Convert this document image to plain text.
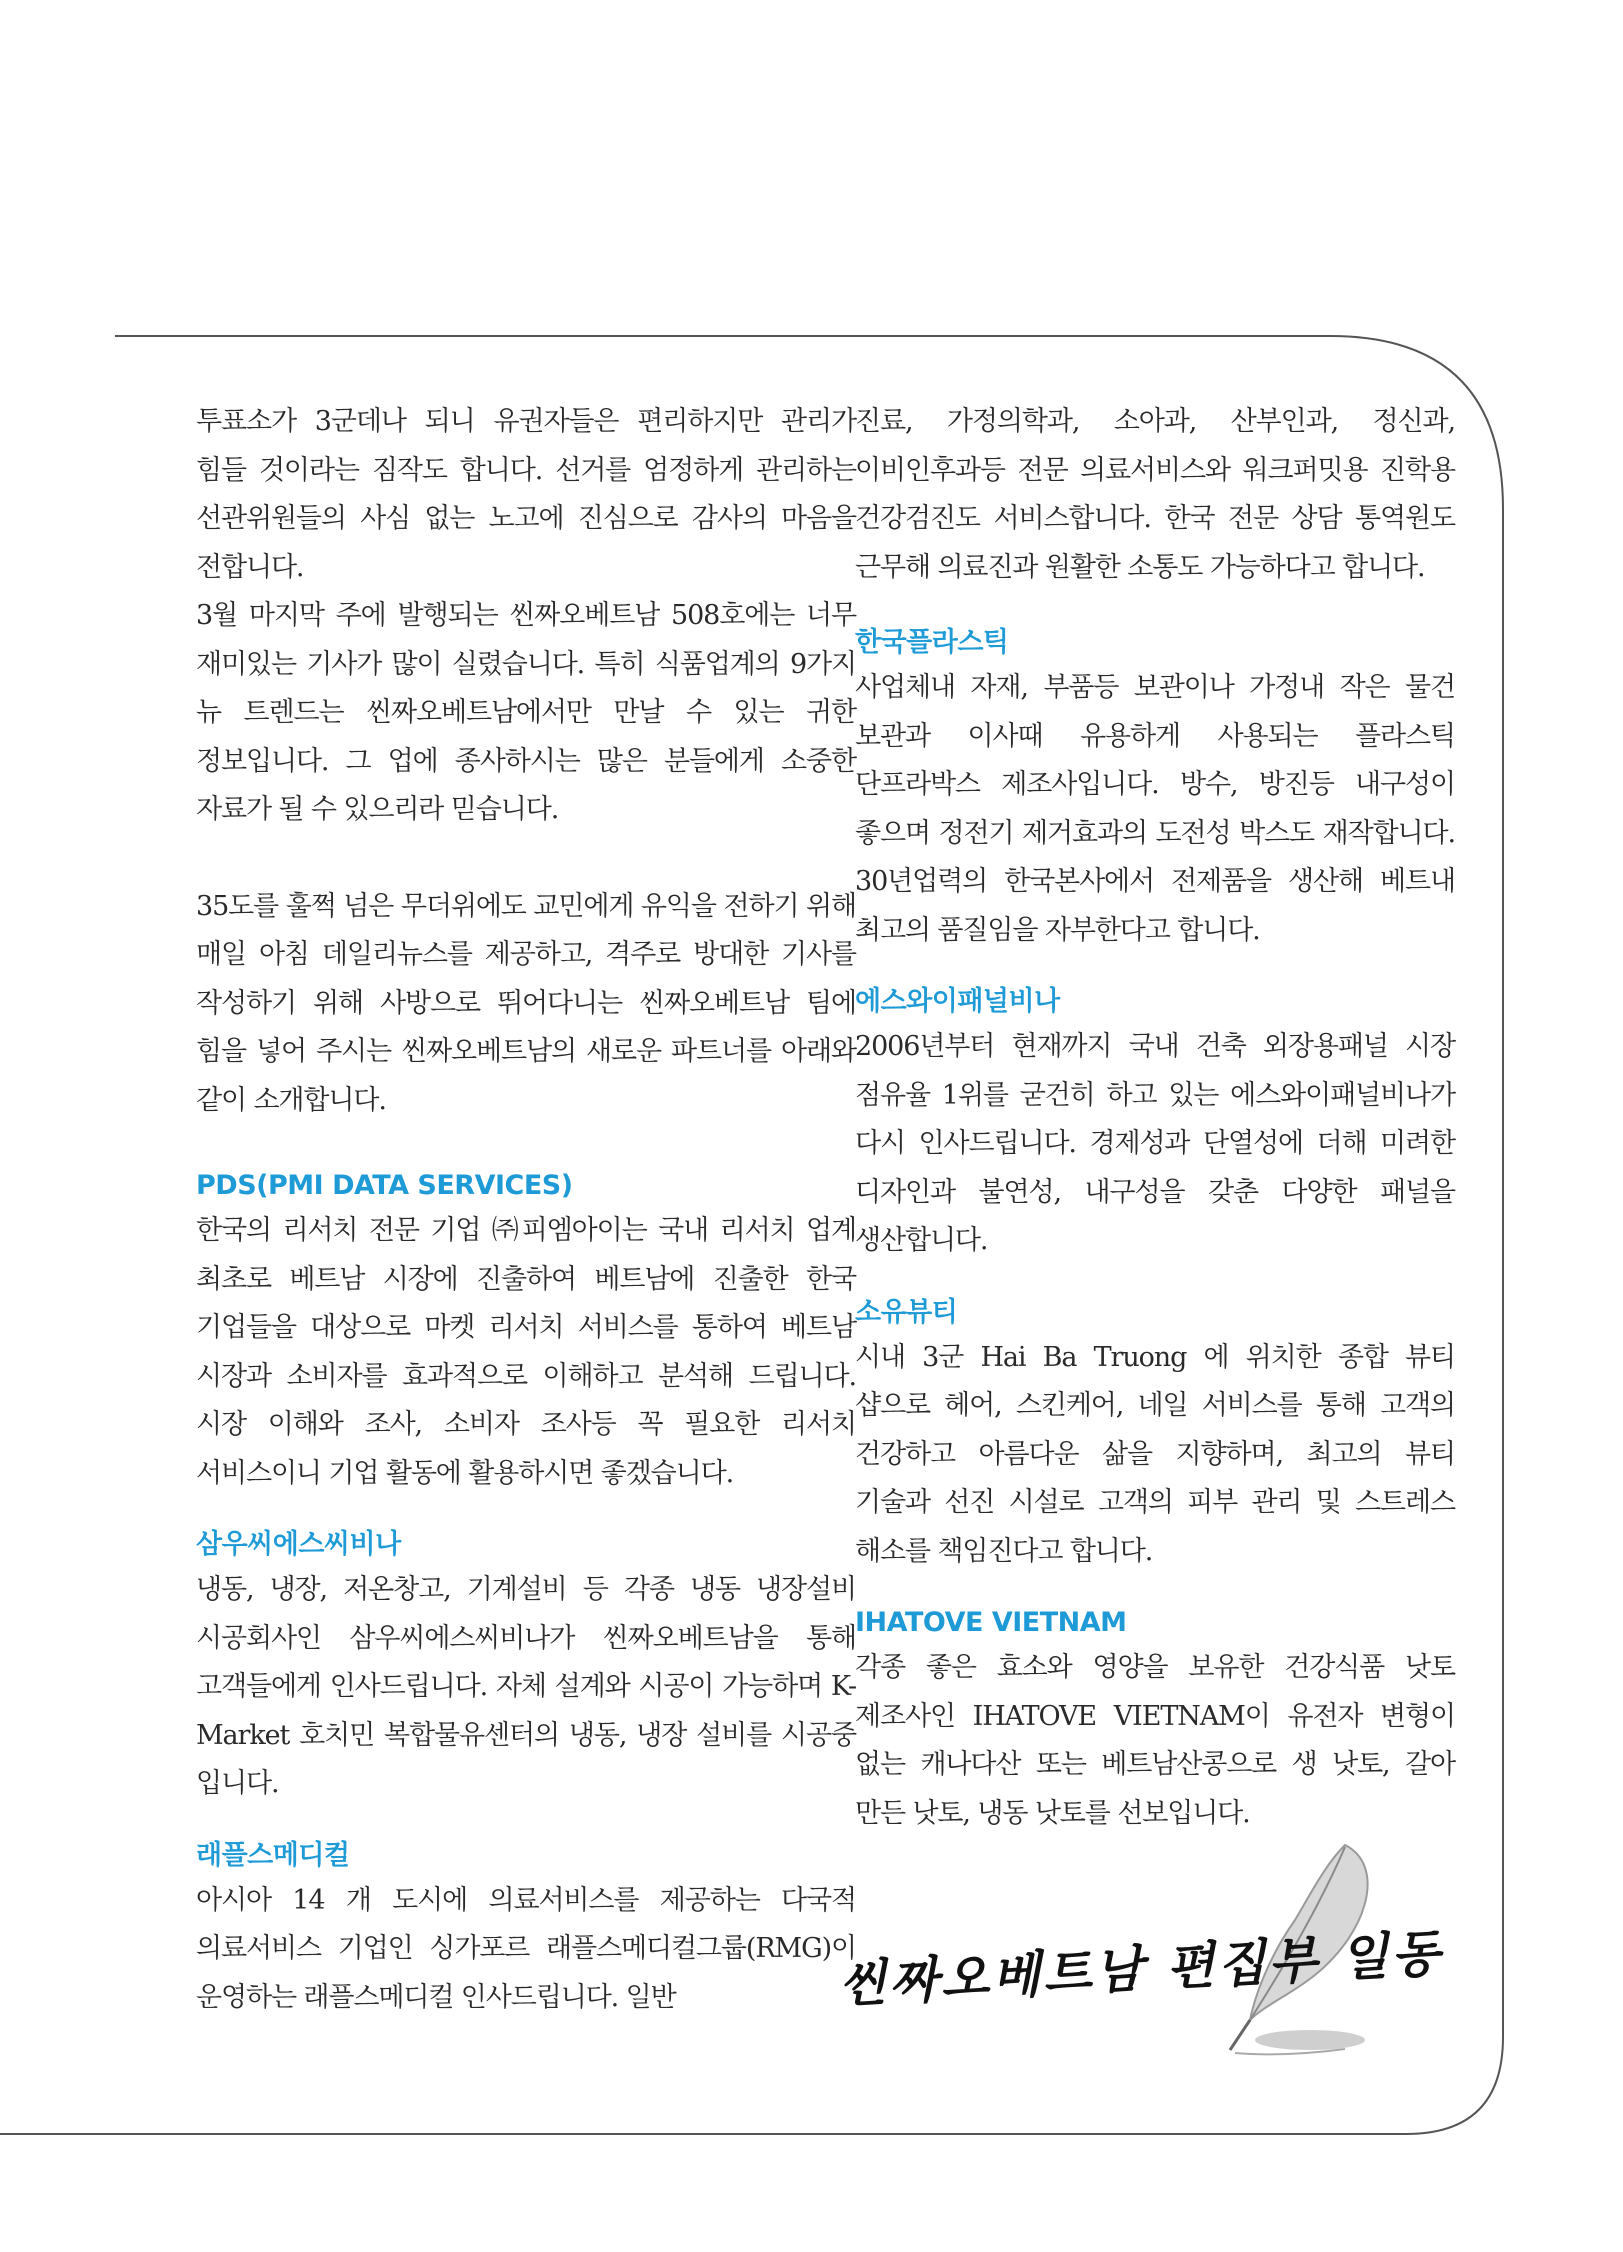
투표소가 3군데나 되니 유권자들은 편리하지만 관리가 힘들 것이라는 짐작도 합니다. 선거를 엄정하게 관리하는 선관위원들의 사심 없는 노고에 진심으로 감사의 마음을 전합니다.

3월 마지막 주에 발행되는 씬짜오베트남 508호에는 너무 재미있는 기사가 많이 실렸습니다. 특히 식품업계의 9가지 뉴 트렌드는 씬짜오베트남에서만 만날 수 있는 귀한 정보입니다. 그 업에 종사하시는 많은 분들에게 소중한 자료가 될 수 있으리라 믿습니다.

35도를 훌쩍 넘은 무더위에도 교민에게 유익을 전하기 위해 매일 아침 데일리뉴스를 제공하고, 격주로 방대한 기사를 작성하기 위해 사방으로 뛰어다니는 씬짜오베트남 팀에 힘을 넣어 주시는 씬짜오베트남의 새로운 파트너를 아래와 같이 소개합니다.

PDS(PMI DATA SERVICES)

한국의 리서치 전문 기업 ㈜피엠아이는 국내 리서치 업계 최초로 베트남 시장에 진출하여 베트남에 진출한 한국 기업들을 대상으로 마켓 리서치 서비스를 통하여 베트남 시장과 소비자를 효과적으로 이해하고 분석해 드립니다. 시장 이해와 조사, 소비자 조사등 꼭 필요한 리서치 서비스이니 기업 활동에 활용하시면 좋겠습니다.

삼우씨에스씨비나

냉동, 냉장, 저온창고, 기계설비 등 각종 냉동 냉장설비 시공회사인 삼우씨에스씨비나가 씬짜오베트남을 통해 고객들에게 인사드립니다. 자체 설계와 시공이 가능하며 K-Market 호치민 복합물유센터의 냉동, 냉장 설비를 시공중 입니다.

래플스메디컬

아시아 14 개 도시에 의료서비스를 제공하는 다국적 의료서비스 기업인 싱가포르 래플스메디컬그룹(RMG)이 운영하는 래플스메디컬 인사드립니다. 일반

진료, 가정의학과, 소아과, 산부인과, 정신과, 이비인후과등 전문 의료서비스와 워크퍼밋용 진학용 건강검진도 서비스합니다. 한국 전문 상담 통역원도 근무해 의료진과 원활한 소통도 가능하다고 합니다.

한국플라스틱

사업체내 자재, 부품등 보관이나 가정내 작은 물건 보관과 이사때 유용하게 사용되는 플라스틱 단프라박스 제조사입니다. 방수, 방진등 내구성이 좋으며 정전기 제거효과의 도전성 박스도 재작합니다. 30년업력의 한국본사에서 전제품을 생산해 베트내 최고의 품질임을 자부한다고 합니다.

에스와이패널비나

2006년부터 현재까지 국내 건축 외장용패널 시장 점유율 1위를 굳건히 하고 있는 에스와이패널비나가 다시 인사드립니다. 경제성과 단열성에 더해 미려한 디자인과 불연성, 내구성을 갖춘 다양한 패널을 생산합니다.

소유뷰티

시내 3군 Hai Ba Truong 에 위치한 종합 뷰티 샵으로 헤어, 스킨케어, 네일 서비스를 통해 고객의 건강하고 아름다운 삶을 지향하며, 최고의 뷰티 기술과 선진 시설로 고객의 피부 관리 및 스트레스 해소를 책임진다고 합니다.

IHATOVE VIETNAM

각종 좋은 효소와 영양을 보유한 건강식품 낫토 제조사인 IHATOVE VIETNAM이 유전자 변형이 없는 캐나다산 또는 베트남산콩으로 생 낫토, 갈아 만든 낫토, 냉동 낫토를 선보입니다.

씬짜오베트남 편집부 일동
